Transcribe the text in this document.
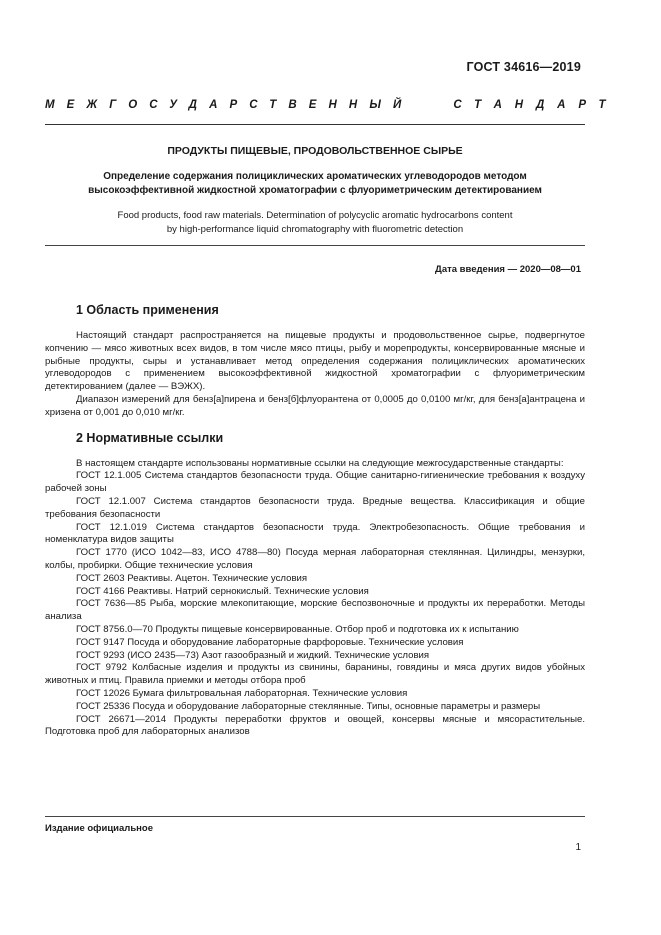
ГОСТ 34616—2019
МЕЖГОСУДАРСТВЕННЫЙ	СТАНДАРТ
ПРОДУКТЫ ПИЩЕВЫЕ, ПРОДОВОЛЬСТВЕННОЕ СЫРЬЕ
Определение содержания полициклических ароматических углеводородов методом
высокоэффективной жидкостной хроматографии с флуориметрическим детектированием
Food products, food raw materials. Determination of polycyclic aromatic hydrocarbons content
by high-performance liquid chromatography with fluorometric detection
Дата введения — 2020—08—01
1 Область применения

Настоящий стандарт распространяется на пищевые продукты и продовольственное сырье, подвергнутое копчению — мясо животных всех видов, в том числе мясо птицы, рыбу и морепродукты, консервированные мясные и рыбные продукты, сыры и устанавливает метод определения содержания полициклических ароматических углеводородов с применением высокоэффективной жидкостной хроматографии с флуориметрическим детектированием (далее — ВЭЖХ).

Диапазон измерений для бенз[а]пирена и бенз[б]флуорантена от 0,0005 до 0,0100 мг/кг, для бенз[а]антрацена и хризена от 0,001 до 0,010 мг/кг.

2 Нормативные ссылки

В настоящем стандарте использованы нормативные ссылки на следующие межгосударственные стандарты:

ГОСТ 12.1.005 Система стандартов безопасности труда. Общие санитарно-гигиенические требования к воздуху рабочей зоны

ГОСТ 12.1.007 Система стандартов безопасности труда. Вредные вещества. Классификация и общие требования безопасности

ГОСТ 12.1.019 Система стандартов безопасности труда. Электробезопасность. Общие требования и номенклатура видов защиты

ГОСТ 1770 (ИСО 1042—83, ИСО 4788—80) Посуда мерная лабораторная стеклянная. Цилиндры, мензурки, колбы, пробирки. Общие технические условия

ГОСТ 2603 Реактивы. Ацетон. Технические условия

ГОСТ 4166 Реактивы. Натрий сернокислый. Технические условия

ГОСТ 7636—85 Рыба, морские млекопитающие, морские беспозвоночные и продукты их переработки. Методы анализа

ГОСТ 8756.0—70 Продукты пищевые консервированные. Отбор проб и подготовка их к испытанию

ГОСТ 9147 Посуда и оборудование лабораторные фарфоровые. Технические условия

ГОСТ 9293 (ИСО 2435—73) Азот газообразный и жидкий. Технические условия

ГОСТ 9792 Колбасные изделия и продукты из свинины, баранины, говядины и мяса других видов убойных животных и птиц. Правила приемки и методы отбора проб

ГОСТ 12026 Бумага фильтровальная лабораторная. Технические условия

ГОСТ 25336 Посуда и оборудование лабораторные стеклянные. Типы, основные параметры и размеры

ГОСТ 26671—2014 Продукты переработки фруктов и овощей, консервы мясные и мясорастительные. Подготовка проб для лабораторных анализов

Издание официальное
1
